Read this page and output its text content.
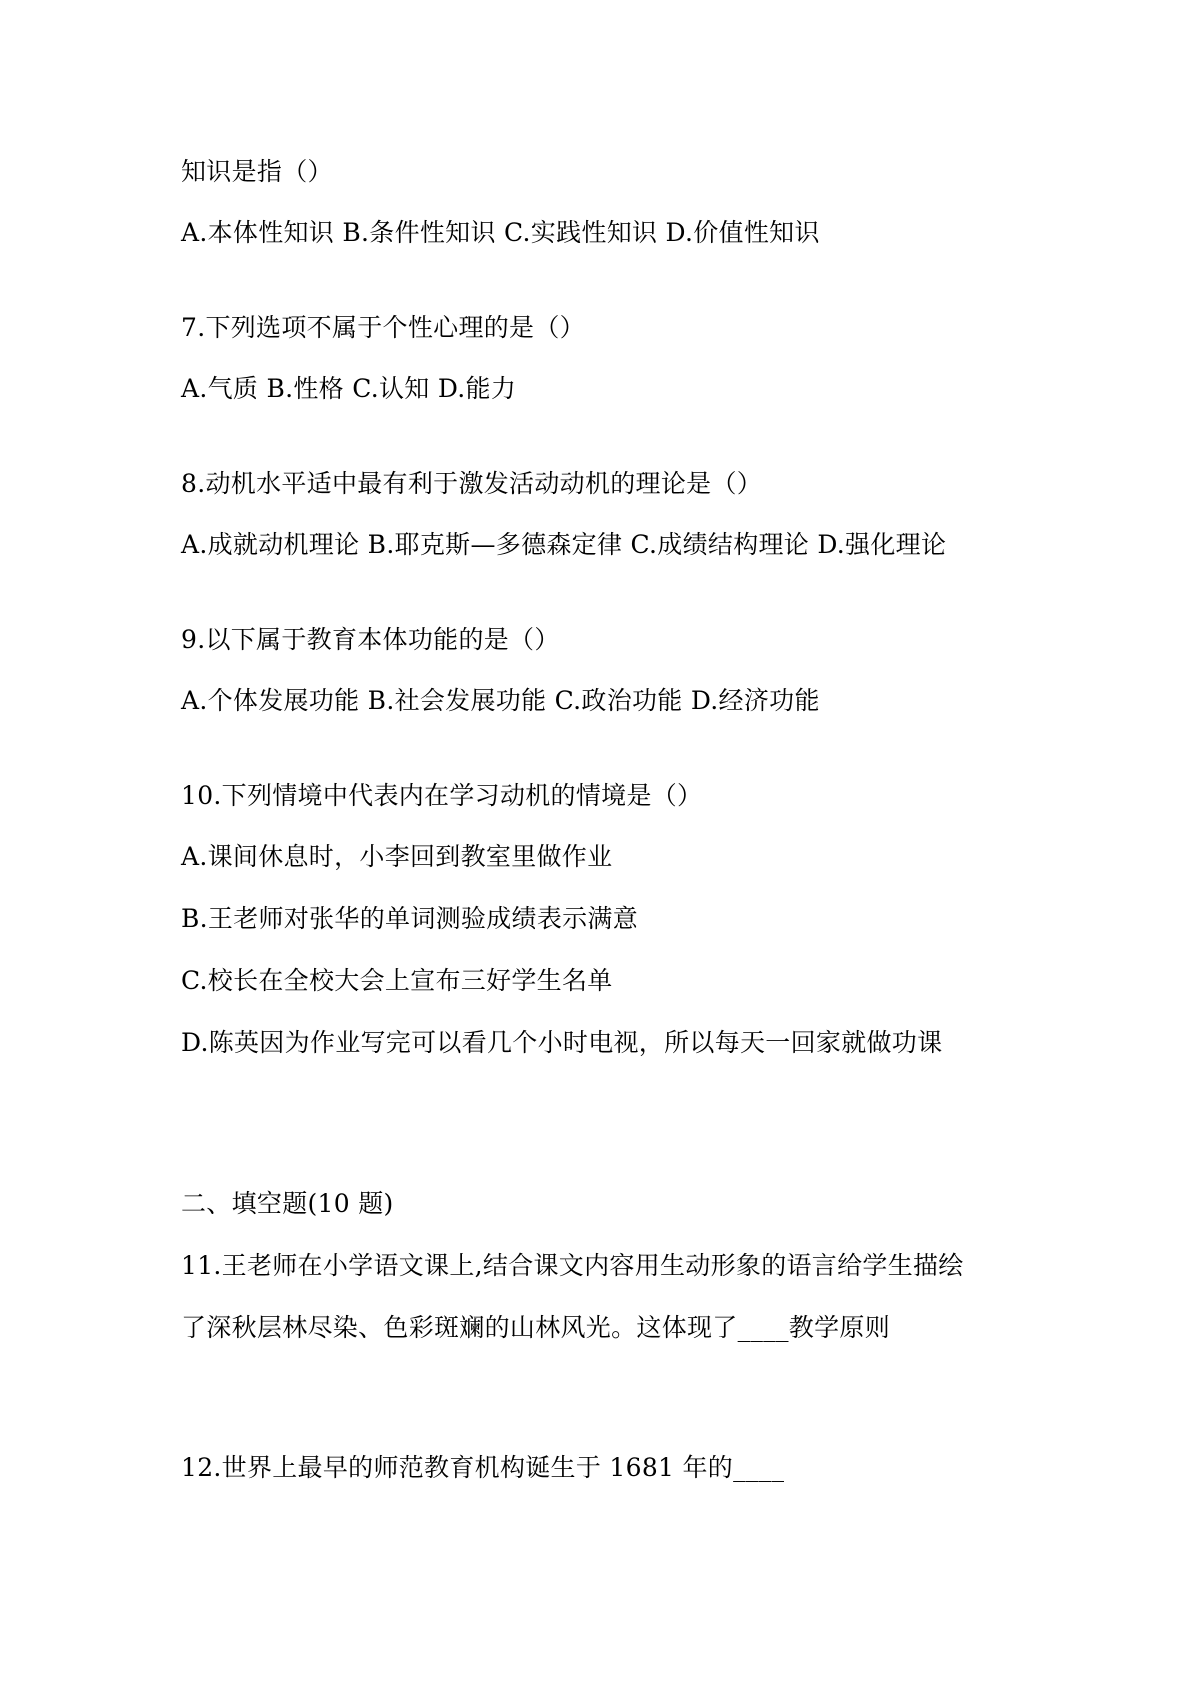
知识是指（）

A.本体性知识 B.条件性知识 C.实践性知识 D.价值性知识

7.下列选项不属于个性心理的是（）

A.气质 B.性格 C.认知 D.能力

8.动机水平适中最有利于激发活动动机的理论是（）

A.成就动机理论 B.耶克斯—多德森定律 C.成绩结构理论 D.强化理论

9.以下属于教育本体功能的是（）

A.个体发展功能 B.社会发展功能 C.政治功能 D.经济功能

10.下列情境中代表内在学习动机的情境是（）

A.课间休息时，小李回到教室里做作业

B.王老师对张华的单词测验成绩表示满意

C.校长在全校大会上宣布三好学生名单

D.陈英因为作业写完可以看几个小时电视，所以每天一回家就做功课

二、填空题(10 题)

11.王老师在小学语文课上,结合课文内容用生动形象的语言给学生描绘

了深秋层林尽染、色彩斑斓的山林风光。这体现了____教学原则

12.世界上最早的师范教育机构诞生于 1681 年的____
